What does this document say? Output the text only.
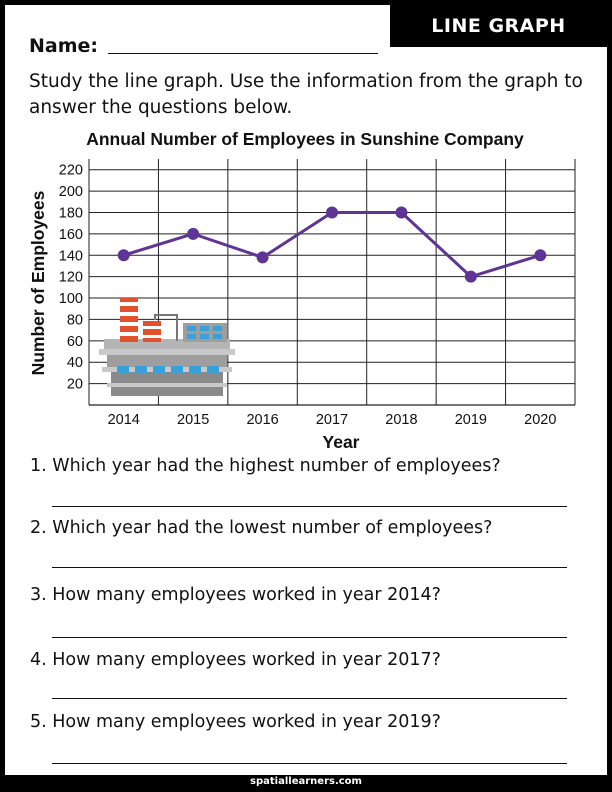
Name:
Study the line graph. Use the information from the graph to answer the questions below.
Annual Number of Employees in Sunshine Company
20
40
60
80
100
120
140
160
180
200
220
2014	2015	2016	2017	2018	2019	2020
Number of Employees
Year
1. Which year had the highest number of employees?
2. Which year had the lowest number of employees?
3. How many employees worked in year 2014?
4. How many employees worked in year 2017?
5. How many employees worked in year 2019?
LINE GRAPH
spatiallearners.com
